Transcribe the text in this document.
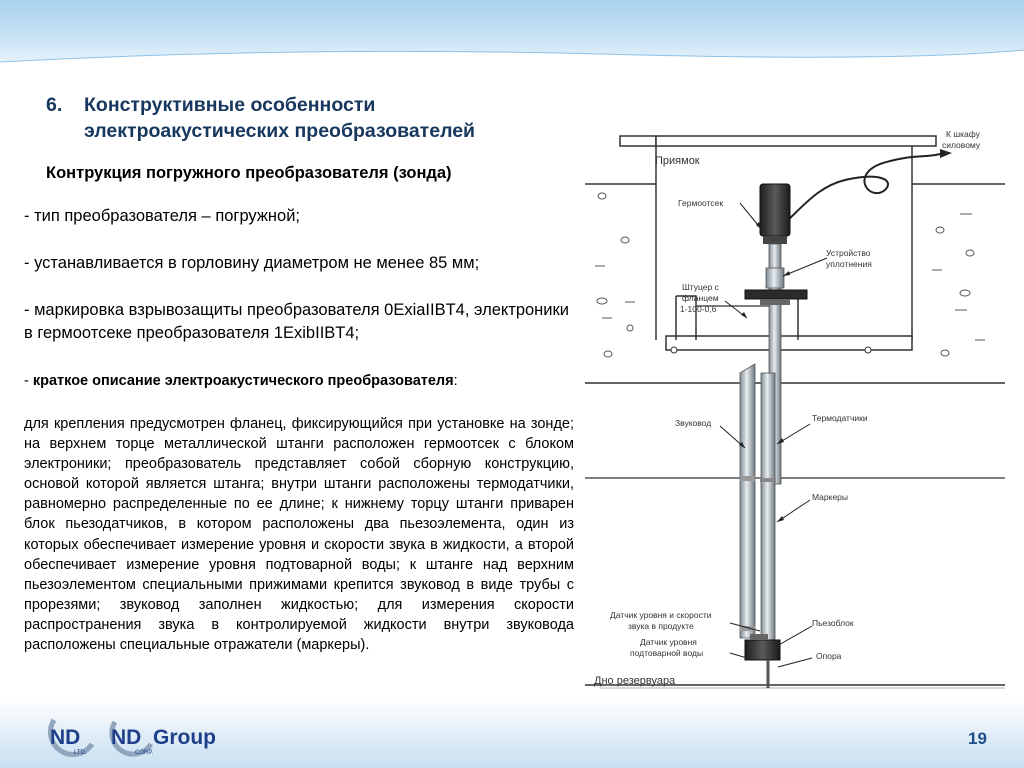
6. Конструктивные особенности
электроакустических преобразователей
Контрукция погружного преобразователя (зонда)

- тип преобразователя – погружной;

- устанавливается в горловину диаметром не менее 85 мм;

- маркировка взрывозащиты преобразователя 0ExiaIIBT4, электроники в гермоотсеке преобразователя 1ExibIIBT4;

- краткое описание электроакустического преобразователя:

для крепления предусмотрен фланец, фиксирующийся при установке на зонде; на верхнем торце металлической штанги расположен гермоотсек с блоком электроники; преобразователь представляет собой сборную конструкцию, основой которой является штанга; внутри штанги расположены термодатчики, равномерно распределенные по ее длине; к нижнему торцу штанги приварен блок пьезодатчиков, в котором расположены два пьезоэлемента, один из которых обеспечивает измерение уровня и скорости звука в жидкости, а второй обеспечивает измерение уровня подтоварной воды; к штанге над верхним пьезоэлементом специальными прижимами крепится звуковод в виде трубы с прорезями; звуковод заполнен жидкостью; для измерения скорости распространения звука в контролируемой жидкости внутри звуковода расположены специальные отражатели (маркеры).

Приямок
К шкафу
силовому
Гермоотсек
Устройство
уплотнения
Штуцер с
фланцем
1-100-0,6
Звуковод	Термодатчики
Маркеры
Датчик уровня и скорости
звука в продукте
Датчик уровня
подтоварной воды
Пьезоблок
Опора
Дно резервуара
ND
LTD.
ND Group
CORP.
19
